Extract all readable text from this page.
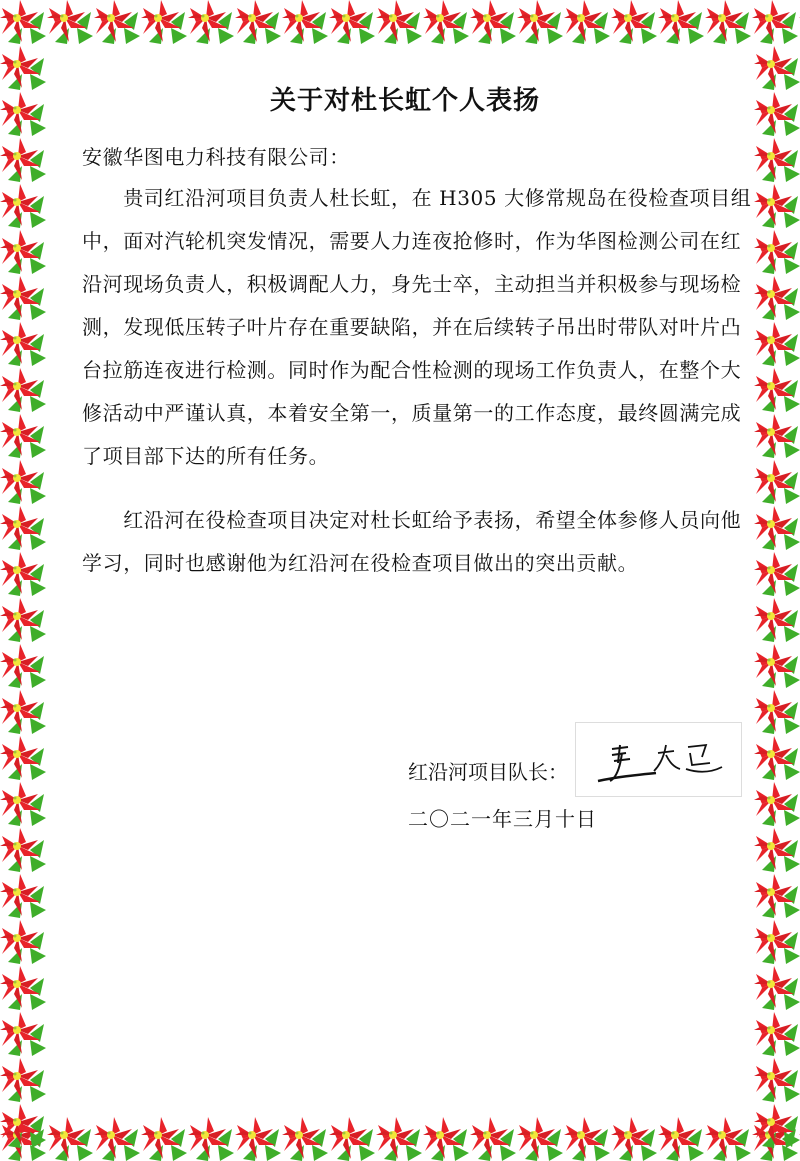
关于对杜长虹个人表扬
安徽华图电力科技有限公司：
　　贵司红沿河项目负责人杜长虹，在 H305 大修常规岛在役检查项目组
中，面对汽轮机突发情况，需要人力连夜抢修时，作为华图检测公司在红
沿河现场负责人，积极调配人力，身先士卒，主动担当并积极参与现场检
测，发现低压转子叶片存在重要缺陷，并在后续转子吊出时带队对叶片凸
台拉筋连夜进行检测。同时作为配合性检测的现场工作负责人，在整个大
修活动中严谨认真，本着安全第一，质量第一的工作态度，最终圆满完成
了项目部下达的所有任务。
　　红沿河在役检查项目决定对杜长虹给予表扬，希望全体参修人员向他
学习，同时也感谢他为红沿河在役检查项目做出的突出贡献。
红沿河项目队长：
二〇二一年三月十日
